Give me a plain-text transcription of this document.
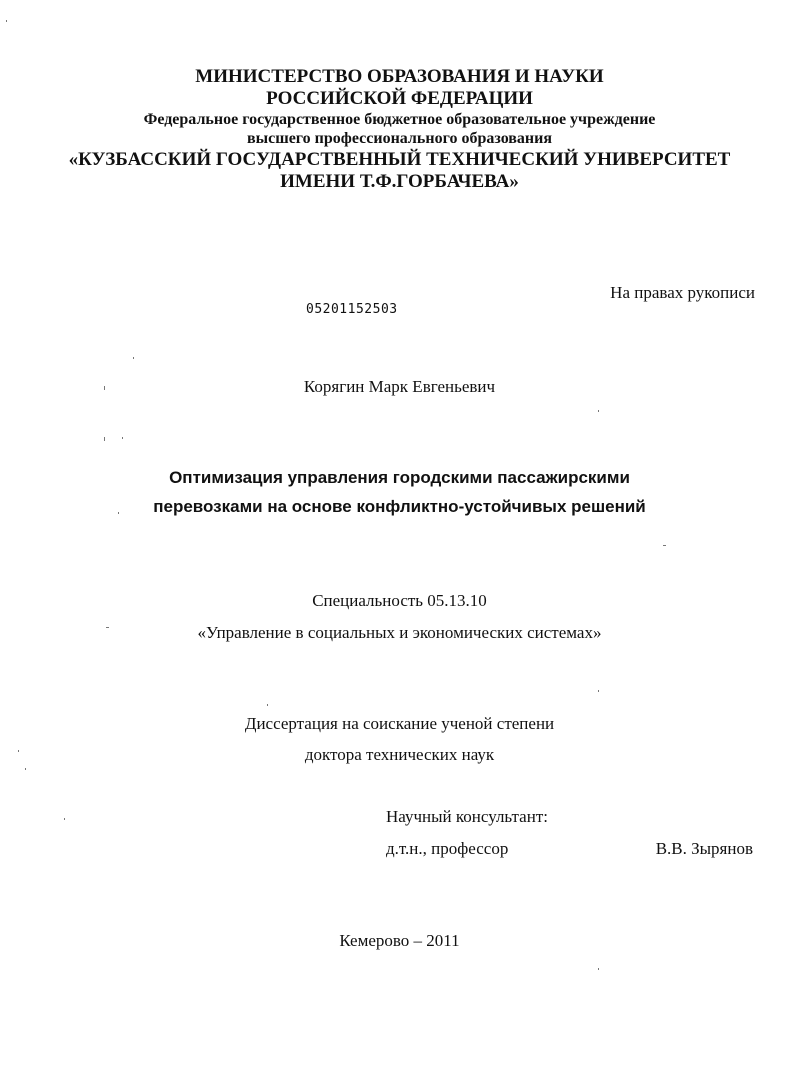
МИНИСТЕРСТВО ОБРАЗОВАНИЯ И НАУКИ
РОССИЙСКОЙ ФЕДЕРАЦИИ
Федеральное государственное бюджетное образовательное учреждение
высшего профессионального образования
«КУЗБАССКИЙ ГОСУДАРСТВЕННЫЙ ТЕХНИЧЕСКИЙ УНИВЕРСИТЕТ
ИМЕНИ Т.Ф.ГОРБАЧЕВА»
На правах рукописи
05201152503
Корягин Марк Евгеньевич
Оптимизация управления городскими пассажирскими
перевозками на основе конфликтно-устойчивых решений
Специальность 05.13.10
«Управление в социальных и экономических системах»
Диссертация на соискание ученой степени
доктора технических наук
Научный консультант:
д.т.н., профессор	В.В. Зырянов
Кемерово – 2011
